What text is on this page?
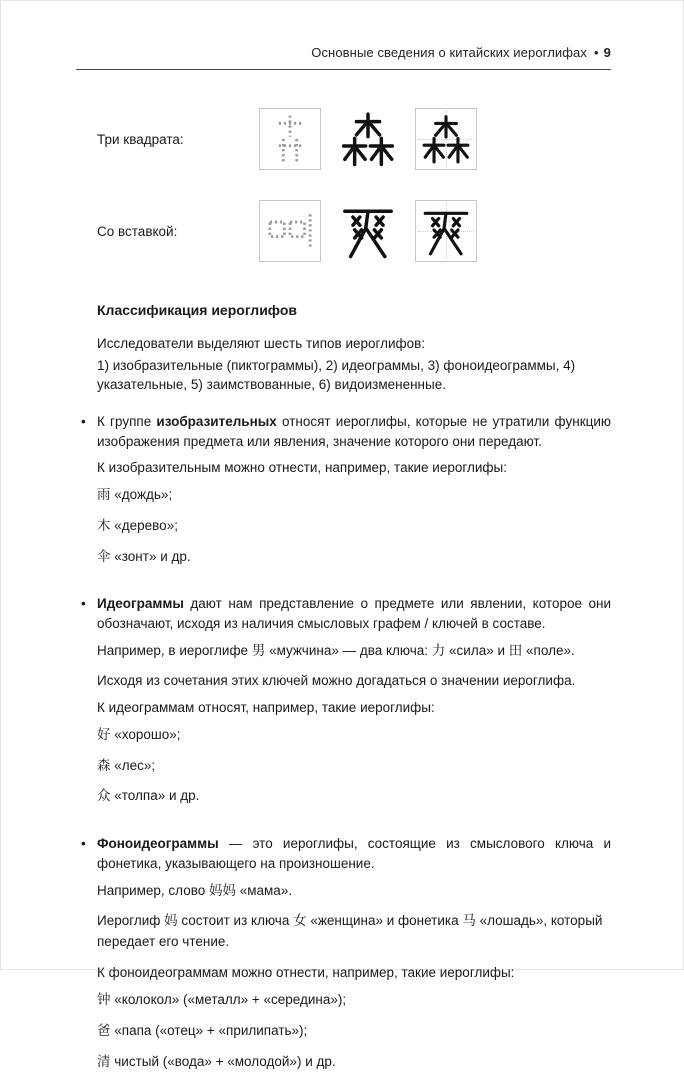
Основные сведения о китайских иероглифах • 9
Три квадрата:
Со вставкой:
Классификация иероглифов

Исследователи выделяют шесть типов иероглифов:

1) изобразительные (пиктограммы), 2) идеограммы, 3) фоноидеограммы, 4) указательные, 5) заимствованные, 6) видоизмененные.

• К группе изобразительных относят иероглифы, которые не утратили функцию изображения предмета или явления, значение которого они передают.

К изобразительным можно отнести, например, такие иероглифы:

雨 «дождь»;

木 «дерево»;

伞 «зонт» и др.

• Идеограммы дают нам представление о предмете или явлении, которое они обозначают, исходя из наличия смысловых графем / ключей в составе.

Например, в иероглифе 男 «мужчина» — два ключа: 力 «сила» и 田 «поле».

Исходя из сочетания этих ключей можно догадаться о значении иероглифа.

К идеограммам относят, например, такие иероглифы:

好 «хорошо»;

森 «лес»;

众 «толпа» и др.

• Фоноидеограммы — это иероглифы, состоящие из смыслового ключа и фонетика, указывающего на произношение.

Например, слово 妈妈 «мама».

Иероглиф 妈 состоит из ключа 女 «женщина» и фонетика 马 «лошадь», который передает его чтение.

К фоноидеограммам можно отнести, например, такие иероглифы:

钟 «колокол» («металл» + «середина»);

爸 «папа («отец» + «прилипать»);

清 чистый («вода» + «молодой») и др.
